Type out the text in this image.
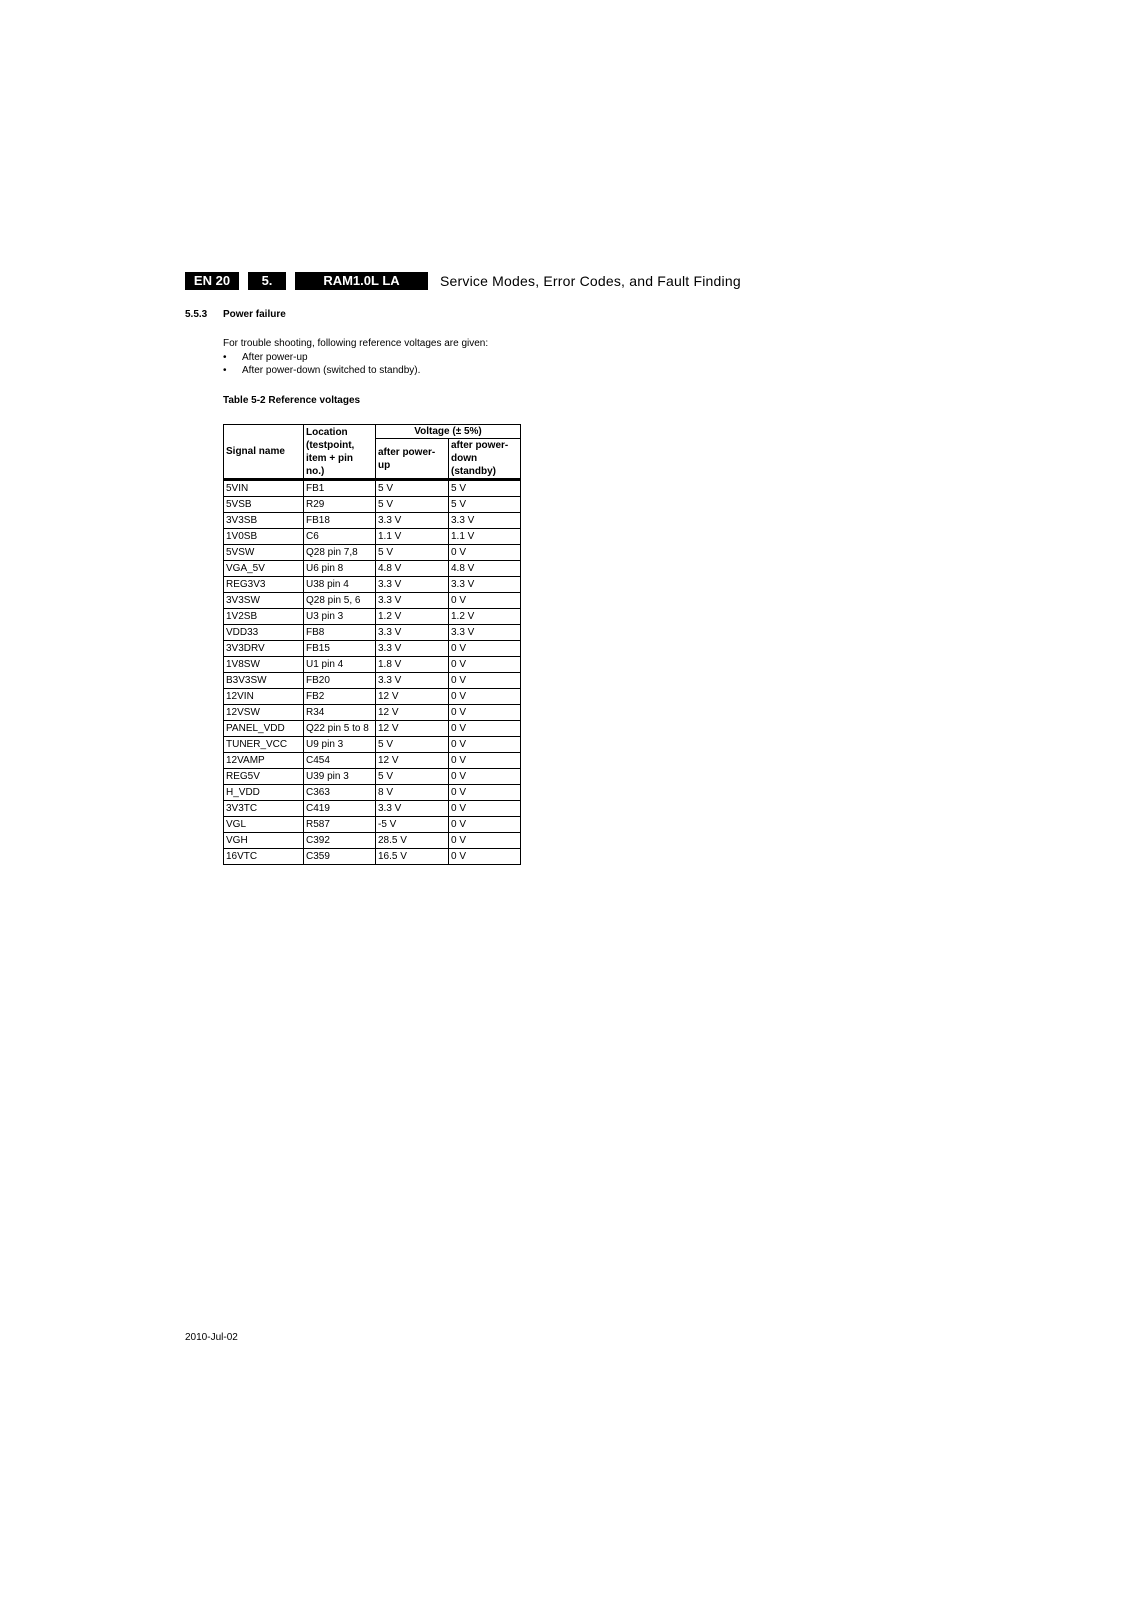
EN 20	5.	RAM1.0L LA	Service Modes, Error Codes, and Fault Finding
5.5.3 Power failure
For trouble shooting, following reference voltages are given:
• After power-up
• After power-down (switched to standby).
Table 5-2 Reference voltages
Signal name	Location (testpoint, item + pin no.)	Voltage (± 5%)	
		after power-up	after power-down (standby)
5VIN	FB1	5 V	5 V
5VSB	R29	5 V	5 V
3V3SB	FB18	3.3 V	3.3 V
1V0SB	C6	1.1 V	1.1 V
5VSW	Q28 pin 7,8	5 V	0 V
VGA_5V	U6 pin 8	4.8 V	4.8 V
REG3V3	U38 pin 4	3.3 V	3.3 V
3V3SW	Q28 pin 5, 6	3.3 V	0 V
1V2SB	U3 pin 3	1.2 V	1.2 V
VDD33	FB8	3.3 V	3.3 V
3V3DRV	FB15	3.3 V	0 V
1V8SW	U1 pin 4	1.8 V	0 V
B3V3SW	FB20	3.3 V	0 V
12VIN	FB2	12 V	0 V
12VSW	R34	12 V	0 V
PANEL_VDD	Q22 pin 5 to 8	12 V	0 V
TUNER_VCC	U9 pin 3	5 V	0 V
12VAMP	C454	12 V	0 V
REG5V	U39 pin 3	5 V	0 V
H_VDD	C363	8 V	0 V
3V3TC	C419	3.3 V	0 V
VGL	R587	-5 V	0 V
VGH	C392	28.5 V	0 V
16VTC	C359	16.5 V	0 V
2010-Jul-02
